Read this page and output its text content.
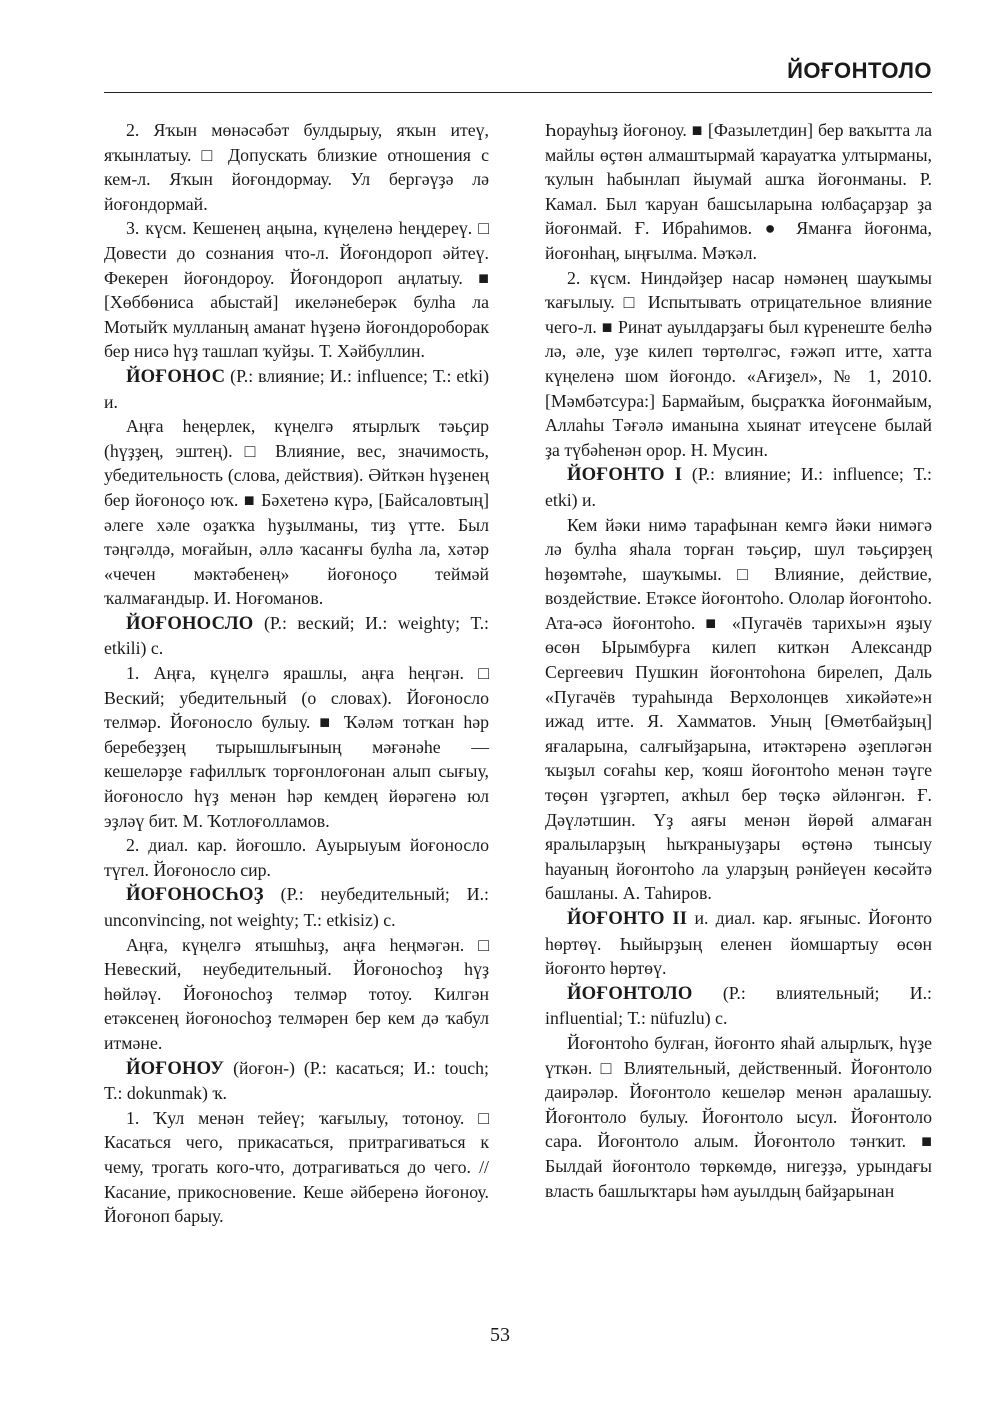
ЙОҒОНТОЛО

2. Яҡын мөнәсәбәт булдырыу, яҡын итеү, яҡынлатыу. □ Допускать близкие отношения с кем-л. Яҡын йоғондормау. Ул бергәүҙә лә йоғондормай.

3. күсм. Кешенең аңына, күңеленә һеңдереү. □ Довести до сознания что-л. Йоғондороп әйтеү. Фекерен йоғондороу. Йоғондороп аңлатыу. ■ [Хөббөниса абыстай] икеләнеберәк булһа ла Мотыйҡ мулланың аманат һүҙенә йоғондороборак бер нисә һүҙ ташлап ҡуйҙы. Т. Хәйбуллин.

ЙОҒОНОС (Р.: влияние; И.: influence; Т.: etki) и.

Аңға һеңерлек, күңелгә ятырлыҡ тәьҫир (һүҙҙең, эштең). □ Влияние, вес, значимость, убедительность (слова, действия). Әйткән һүҙенең бер йоғоноҫо юҡ. ■ Бәхетенә күрә, [Байсаловтың] әлеге хәле оҙаҡҡа һуҙылманы, тиҙ үтте. Был тәңгәлдә, моғайын, әллә ҡасанғы булһа ла, хәтәр «чечен мәктәбенең» йоғоноҫо теймәй ҡалмағандыр. И. Ноғоманов.

ЙОҒОНОСЛО (Р.: веский; И.: weighty; Т.: etkili) с.

1. Аңға, күңелгә ярашлы, аңға һеңгән. □ Веский; убедительный (о словах). Йоғоносло телмәр. Йоғоносло булыу. ■ Ҡәләм тотҡан һәр беребеҙҙең тырышлығының мәғәнәһе — кешеләрҙе ғафиллыҡ торғонлоғонан алып сығыу, йоғоносло һүҙ менән һәр кемдең йөрәгенә юл эҙләү бит. М. Ҡотлоғолламов.

2. диал. кар. йоғошло. Ауырыуым йоғоносло түгел. Йоғоносло сир.

ЙОҒОНОСҺОҘ (Р.: неубедительный; И.: unconvincing, not weighty; Т.: etkisiz) с.

Аңға, күңелгә ятышһыҙ, аңға һеңмәгән. □ Невеский, неубедительный. Йоғоносһоҙ һүҙ һөйләү. Йоғоносһоҙ телмәр тотоу. Килгән етәксенең йоғоносһоҙ телмәрен бер кем дә ҡабул итмәне.

ЙОҒОНОУ (йоғон-) (Р.: касаться; И.: touch; Т.: dokunmak) ҡ.

1. Ҡул менән тейеү; ҡағылыу, тотоноу. □ Касаться чего, прикасаться, притрагиваться к чему, трогать кого-что, дотрагиваться до чего. // Касание, прикосновение. Кеше әйберенә йоғоноу. Йоғоноп барыу.

Һорауһыҙ йоғоноу. ■ [Фазылетдин] бер ваҡытта ла майлы өҫтөн алмаштырмай ҡарауатҡа ултырманы, ҡулын һабынлап йыумай ашҡа йоғонманы. Р. Камал. Был ҡаруан башсыларына юлбаҫарҙар ҙа йоғонмай. Ғ. Ибраһимов. ● Яманға йоғонма, йоғонһаң, ыңғылма. Мәҡәл.

2. күсм. Ниндәйҙер насар нәмәнең шауҡымы ҡағылыу. □ Испытывать отрицательное влияние чего-л. ■ Ринат ауылдарҙағы был күренеште белһә лә, әле, уҙе килеп төртөлгәс, ғәжәп итте, хатта күңеленә шом йоғондо. «Ағиҙел», № 1, 2010. [Мәмбәтсура:] Бармайым, быҫраҡҡа йоғонмайым, Аллаһы Тәғәлә иманына хыянат итеүсене былай ҙа түбәһенән орор. Н. Мусин.

ЙОҒОНТО I (Р.: влияние; И.: influence; Т.: etki) и.

Кем йәки нимә тарафынан кемгә йәки нимәгә лә булһа яһала торған тәьҫир, шул тәьҫирҙең һөҙөмтәһе, шауҡымы. □ Влияние, действие, воздействие. Етәксе йоғонтоһо. Ололар йоғонтоһо. Ата-әсә йоғонтоһо. ■ «Пугачёв тарихы»н яҙыу өсөн Ырымбурға килеп киткән Александр Сергеевич Пушкин йоғонтоһона бирелеп, Даль «Пугачёв тураһында Верхолонцев хикәйәте»н ижад итте. Я. Хамматов. Уның [Өмөтбайҙың] яғаларына, салғыйҙарына, итәктәренә әҙепләгән ҡыҙыл соғаһы кер, ҡояш йоғонтоһо менән тәүге төҫөн үҙгәртеп, аҡһыл бер төҫкә әйләнгән. Ғ. Дәүләтшин. Үҙ аяғы менән йөрөй алмаған яралыларҙың һыҡраныуҙары өҫтөнә тынсыу һауаның йоғонтоһо ла уларҙың рәнйеүен көсәйтә башланы. А. Таһиров.

ЙОҒОНТО II и. диал. кар. яғыныс. Йоғонто һөртөү. Һыйырҙың еленен йомшартыу өсөн йоғонто һөртөү.

ЙОҒОНТОЛО (Р.: влиятельный; И.: influential; Т.: nüfuzlu) с.

Йоғонтоһо булған, йоғонто яһай алырлыҡ, һүҙе үткән. □ Влиятельный, действенный. Йоғонтоло даирәләр. Йоғонтоло кешеләр менән аралашыу. Йоғонтоло булыу. Йоғонтоло ысул. Йоғонтоло сара. Йоғонтоло алым. Йоғонтоло тәнҡит. ■ Былдай йоғонтоло төркөмдө, нигеҙҙә, урындағы власть башлыҡтары һәм ауылдың байҙарынан

53
